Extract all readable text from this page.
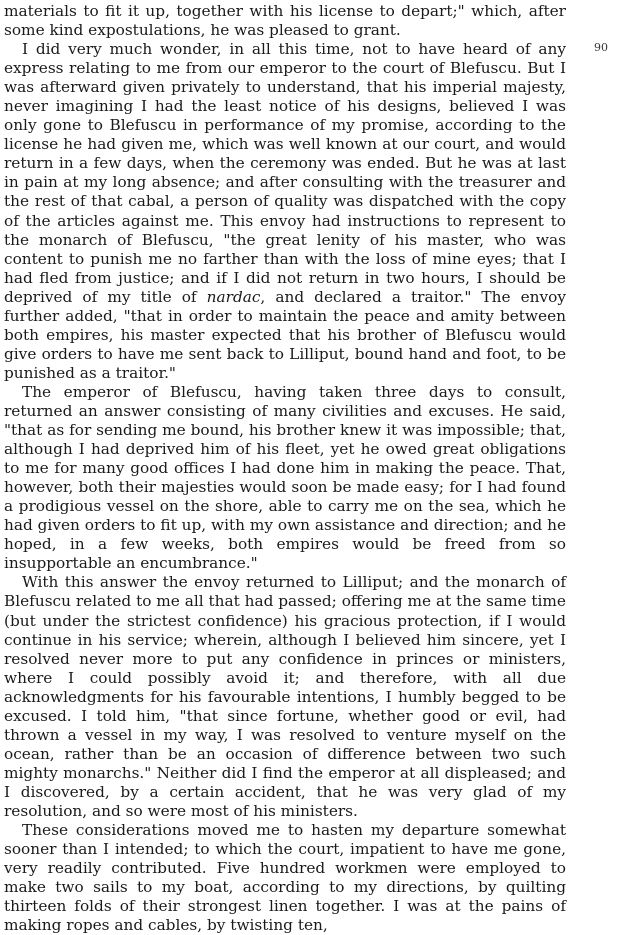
90

materials to fit it up, together with his license to depart;" which, after some kind expostulations, he was pleased to grant.

I did very much wonder, in all this time, not to have heard of any express relating to me from our emperor to the court of Blefuscu. But I was afterward given privately to understand, that his imperial majesty, never imagining I had the least notice of his designs, believed I was only gone to Blefuscu in performance of my promise, according to the license he had given me, which was well known at our court, and would return in a few days, when the ceremony was ended. But he was at last in pain at my long absence; and after consulting with the treasurer and the rest of that cabal, a person of quality was dispatched with the copy of the articles against me. This envoy had instructions to represent to the monarch of Blefuscu, "the great lenity of his master, who was content to punish me no farther than with the loss of mine eyes; that I had fled from justice; and if I did not return in two hours, I should be deprived of my title of nardac, and declared a traitor." The envoy further added, "that in order to maintain the peace and amity between both empires, his master expected that his brother of Blefuscu would give orders to have me sent back to Lilliput, bound hand and foot, to be punished as a traitor."

The emperor of Blefuscu, having taken three days to consult, returned an answer consisting of many civilities and excuses. He said, "that as for sending me bound, his brother knew it was impossible; that, although I had deprived him of his fleet, yet he owed great obligations to me for many good offices I had done him in making the peace. That, however, both their majesties would soon be made easy; for I had found a prodigious vessel on the shore, able to carry me on the sea, which he had given orders to fit up, with my own assistance and direction; and he hoped, in a few weeks, both empires would be freed from so insupportable an encumbrance."

With this answer the envoy returned to Lilliput; and the monarch of Blefuscu related to me all that had passed; offering me at the same time (but under the strictest confidence) his gracious protection, if I would continue in his service; wherein, although I believed him sincere, yet I resolved never more to put any confidence in princes or ministers, where I could possibly avoid it; and therefore, with all due acknowledgments for his favourable intentions, I humbly begged to be excused. I told him, "that since fortune, whether good or evil, had thrown a vessel in my way, I was resolved to venture myself on the ocean, rather than be an occasion of difference between two such mighty monarchs." Neither did I find the emperor at all displeased; and I discovered, by a certain accident, that he was very glad of my resolution, and so were most of his ministers.

These considerations moved me to hasten my departure somewhat sooner than I intended; to which the court, impatient to have me gone, very readily contributed. Five hundred workmen were employed to make two sails to my boat, according to my directions, by quilting thirteen folds of their strongest linen together. I was at the pains of making ropes and cables, by twisting ten,
